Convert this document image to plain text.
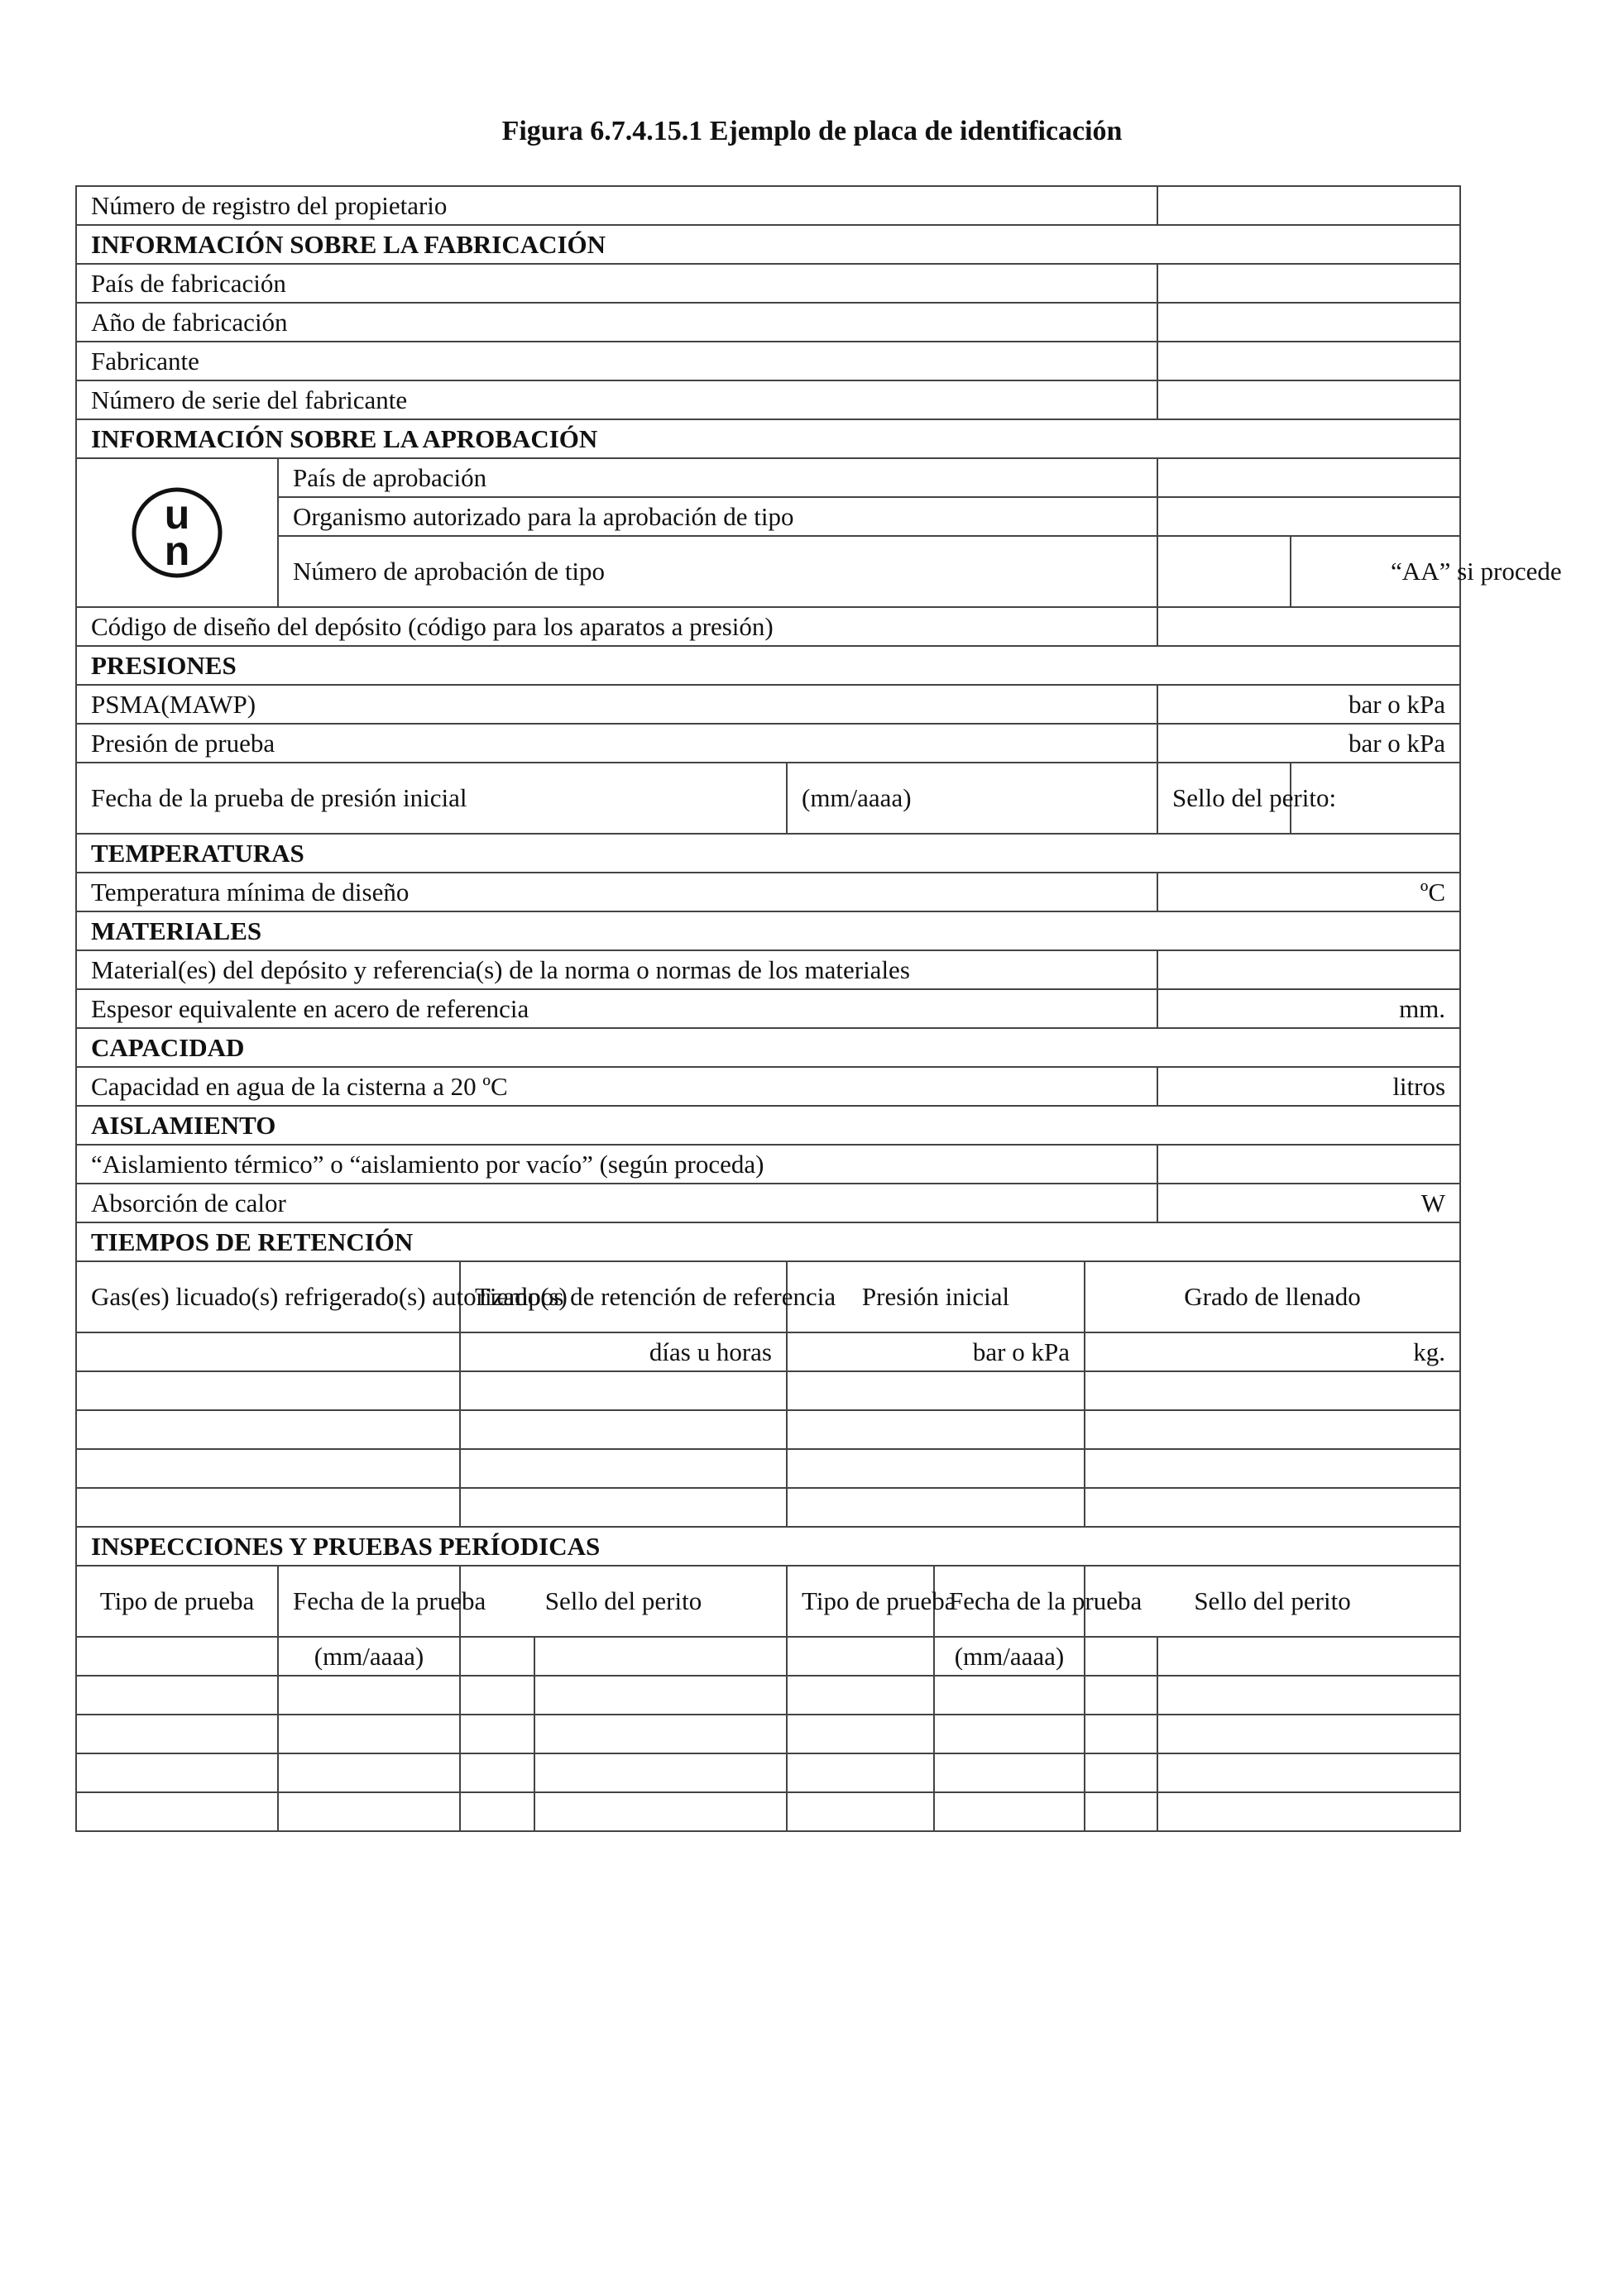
Figura 6.7.4.15.1 Ejemplo de placa de identificación
Número de registro del propietario								
INFORMACIÓN SOBRE LA FABRICACIÓN								
País de fabricación								
Año de fabricación								
Fabricante								
Número de serie del fabricante								
INFORMACIÓN SOBRE LA APROBACIÓN								

u
n	País de aprobación							
	Organismo autorizado para la aprobación de tipo							
	Número de aprobación de tipo							“AA” si procede
Código de diseño del depósito (código para los aparatos a presión)								
PRESIONES								
PSMA(MAWP)							bar o kPa	
Presión de prueba							bar o kPa	
Fecha de la prueba de presión inicial				(mm/aaaa)			Sello del perito:	
TEMPERATURAS								
Temperatura mínima de diseño							ºC	
MATERIALES								
Material(es) del depósito y referencia(s) de la norma o normas de los materiales								
Espesor equivalente en acero de referencia							mm.	
CAPACIDAD								
Capacidad en agua de la cisterna a 20 ºC							litros	
AISLAMIENTO								
“Aislamiento térmico” o “aislamiento por vacío” (según proceda)								
Absorción de calor							W	
TIEMPOS DE RETENCIÓN								
Gas(es) licuado(s) refrigerado(s) autorizado(s)		Tiempos de retención de referencia		Presión inicial		Grado de llenado		
		días u horas		bar o kPa		kg.		

INSPECCIONES Y PRUEBAS PERÍODICAS								
Tipo de prueba	Fecha de la prueba	Sello del perito		Tipo de prueba	Fecha de la prueba	Sello del perito		
	(mm/aaaa)				(mm/aaaa)			
